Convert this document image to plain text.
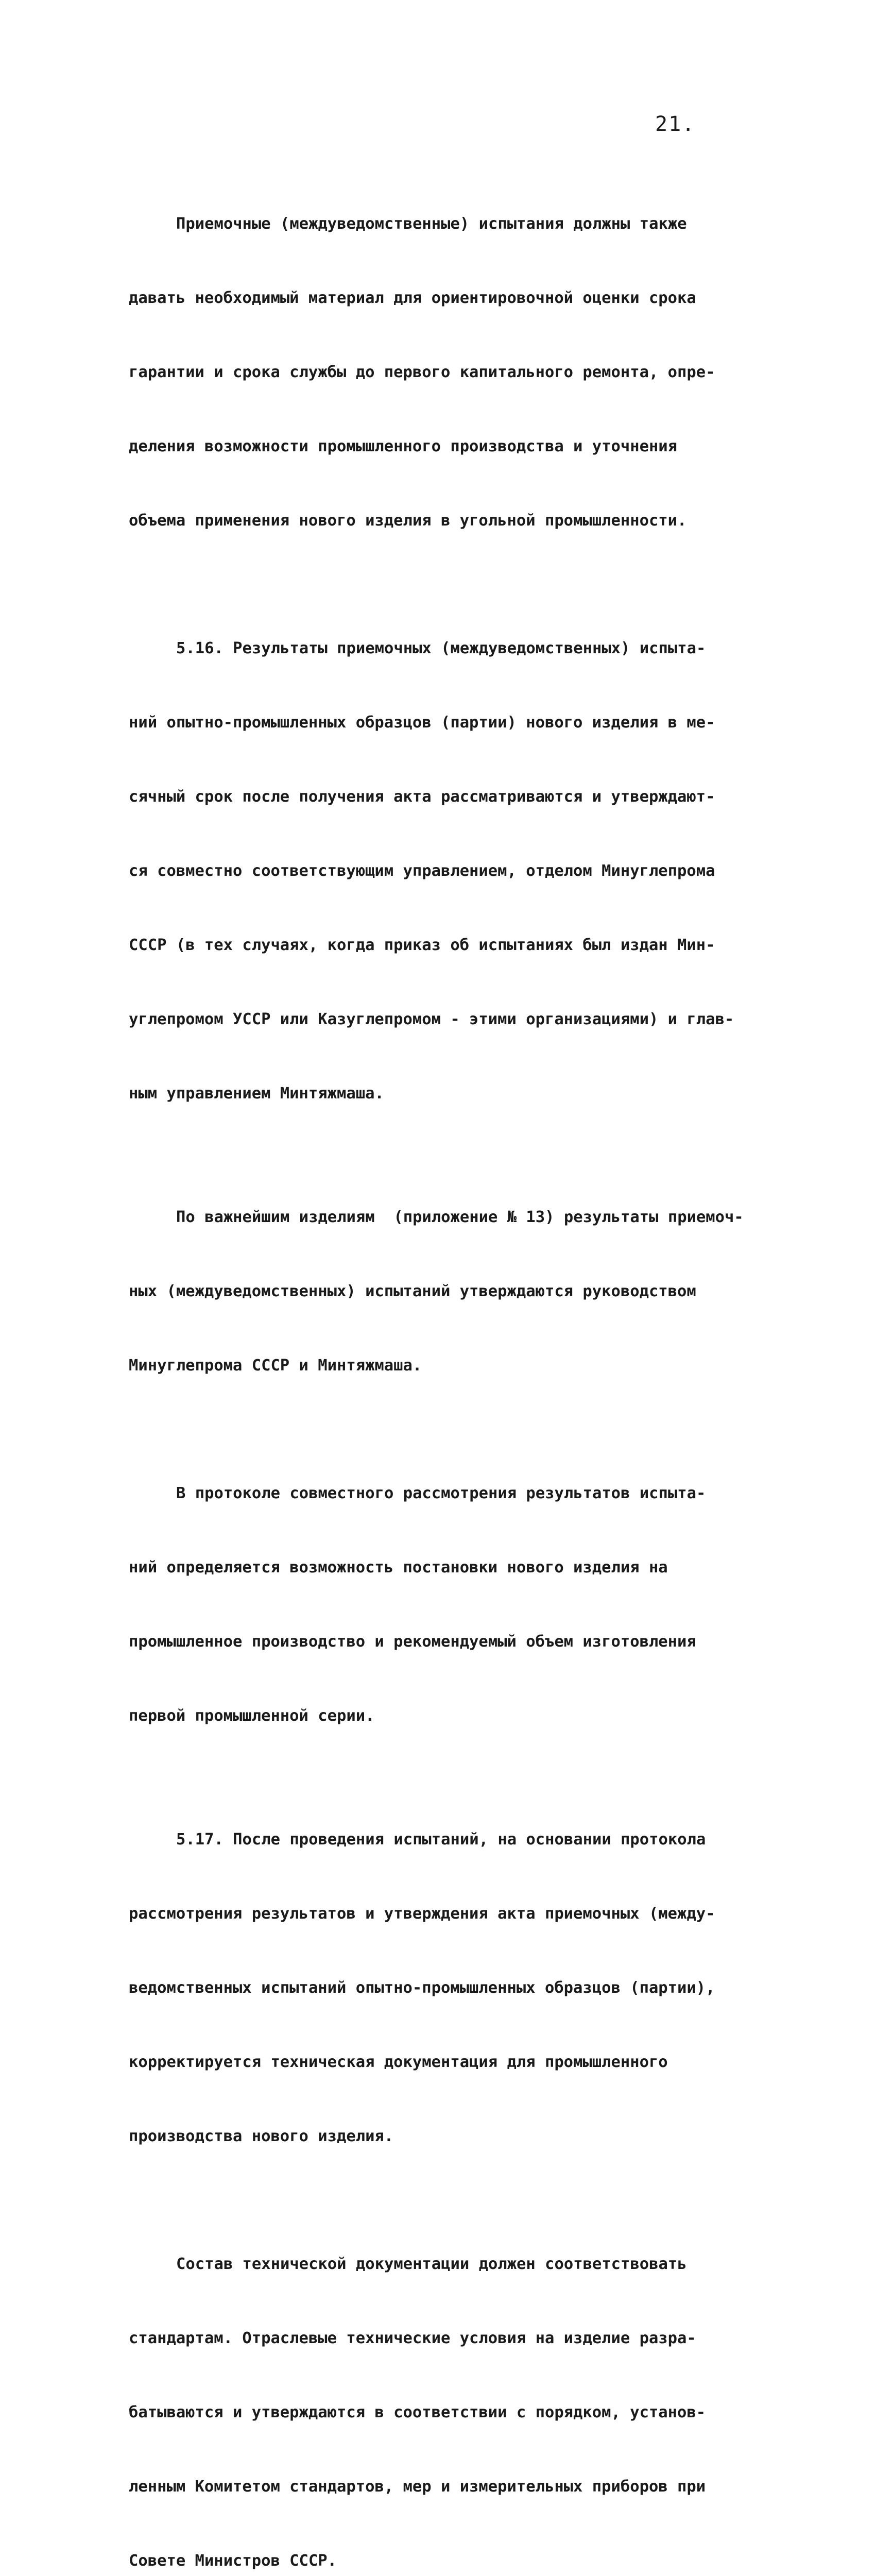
21.

Приемочные (междуведомственные) испытания должны также

давать необходимый материал для ориентировочной оценки срока

гарантии и срока службы до первого капитального ремонта, опре-

деления возможности промышленного производства и уточнения

объема применения нового изделия в угольной промышленности.

5.16. Результаты приемочных (междуведомственных) испыта-

ний опытно-промышленных образцов (партии) нового изделия в ме-

сячный срок после получения акта рассматриваются и утверждают-

ся совместно соответствующим управлением, отделом Минуглепрома

СССР (в тех случаях, когда приказ об испытаниях был издан Мин-

углепромом УССР или Казуглепромом - этими организациями) и глав-

ным управлением Минтяжмаша.

По важнейшим изделиям  (приложение № 13) результаты приемоч-

ных (междуведомственных) испытаний утверждаются руководством

Минуглепрома СССР и Минтяжмаша.

В протоколе совместного рассмотрения результатов испыта-

ний определяется возможность постановки нового изделия на

промышленное производство и рекомендуемый объем изготовления

первой промышленной серии.

5.17. После проведения испытаний, на основании протокола

рассмотрения результатов и утверждения акта приемочных (между-

ведомственных испытаний опытно-промышленных образцов (партии),

корректируется техническая документация для промышленного

производства нового изделия.

Состав технической документации должен соответствовать

стандартам. Отраслевые технические условия на изделие разра-

батываются и утверждаются в соответствии с порядком, установ-

ленным Комитетом стандартов, мер и измерительных приборов при

Совете Министров СССР.
